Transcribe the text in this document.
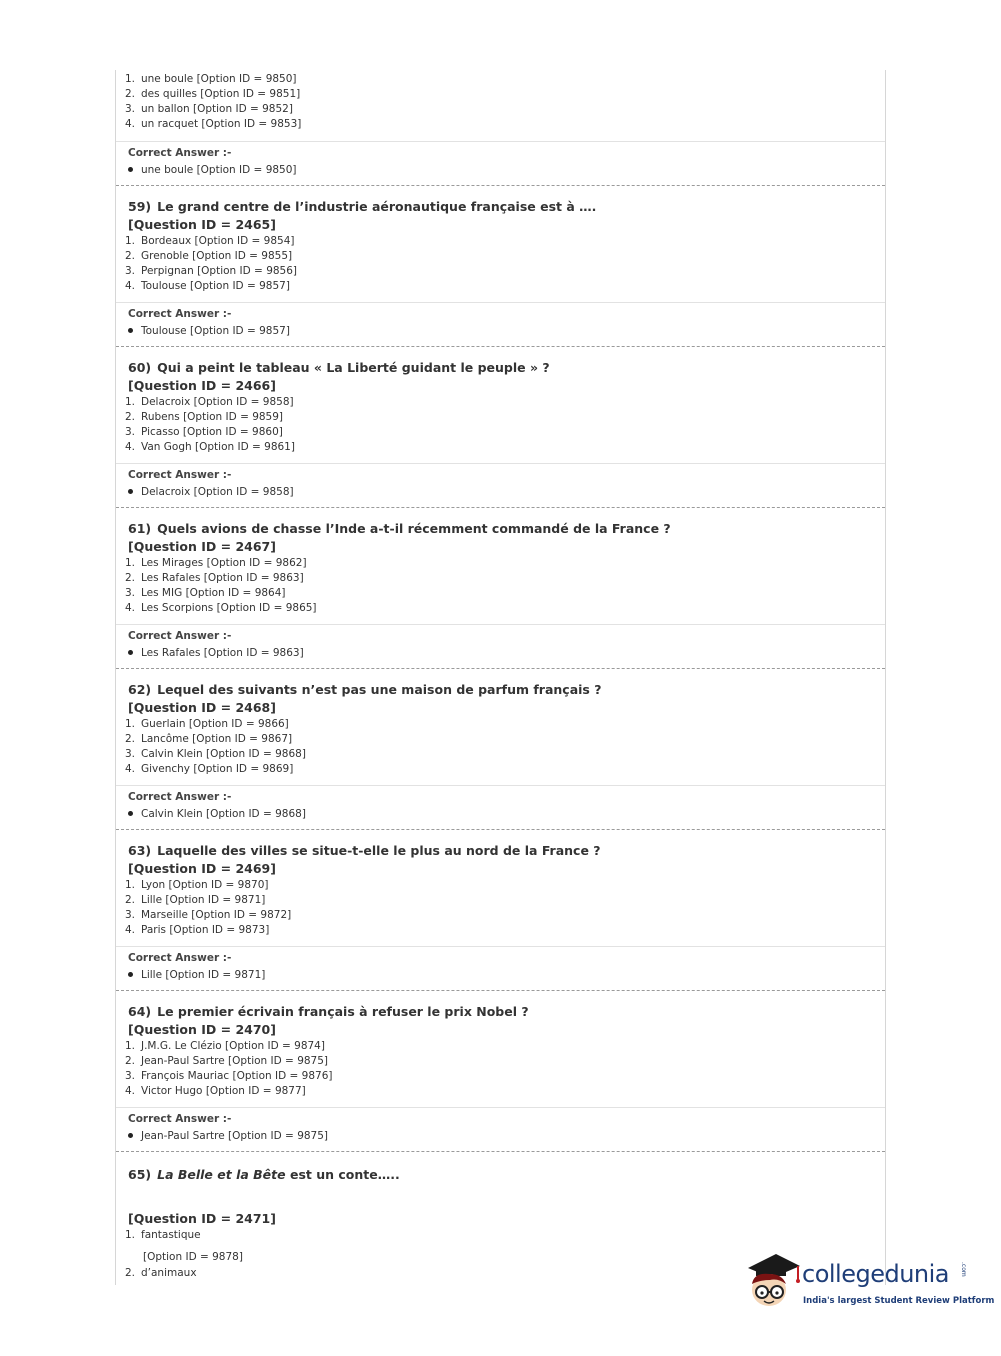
1. une boule [Option ID = 9850]
2. des quilles [Option ID = 9851]
3. un ballon [Option ID = 9852]
4. un racquet [Option ID = 9853]
Correct Answer :-
une boule [Option ID = 9850]
59) Le grand centre de l’industrie aéronautique française est à ….
[Question ID = 2465]
1. Bordeaux [Option ID = 9854]
2. Grenoble [Option ID = 9855]
3. Perpignan [Option ID = 9856]
4. Toulouse [Option ID = 9857]
Correct Answer :-
Toulouse [Option ID = 9857]
60) Qui a peint le tableau « La Liberté guidant le peuple » ?
[Question ID = 2466]
1. Delacroix [Option ID = 9858]
2. Rubens [Option ID = 9859]
3. Picasso [Option ID = 9860]
4. Van Gogh [Option ID = 9861]
Correct Answer :-
Delacroix [Option ID = 9858]
61) Quels avions de chasse l’Inde a-t-il récemment commandé de la France ?
[Question ID = 2467]
1. Les Mirages [Option ID = 9862]
2. Les Rafales [Option ID = 9863]
3. Les MIG [Option ID = 9864]
4. Les Scorpions [Option ID = 9865]
Correct Answer :-
Les Rafales [Option ID = 9863]
62) Lequel des suivants n’est pas une maison de parfum français ?
[Question ID = 2468]
1. Guerlain [Option ID = 9866]
2. Lancôme [Option ID = 9867]
3. Calvin Klein [Option ID = 9868]
4. Givenchy [Option ID = 9869]
Correct Answer :-
Calvin Klein [Option ID = 9868]
63) Laquelle des villes se situe-t-elle le plus au nord de la France ?
[Question ID = 2469]
1. Lyon [Option ID = 9870]
2. Lille [Option ID = 9871]
3. Marseille [Option ID = 9872]
4. Paris [Option ID = 9873]
Correct Answer :-
Lille [Option ID = 9871]
64) Le premier écrivain français à refuser le prix Nobel ?
[Question ID = 2470]
1. J.M.G. Le Clézio [Option ID = 9874]
2. Jean-Paul Sartre [Option ID = 9875]
3. François Mauriac [Option ID = 9876]
4. Victor Hugo [Option ID = 9877]
Correct Answer :-
Jean-Paul Sartre [Option ID = 9875]
65) La Belle et la Bête est un conte…..
[Question ID = 2471]
1. fantastique
[Option ID = 9878]
2. d’animaux	collegedunia .com
India's largest Student Review Platform
